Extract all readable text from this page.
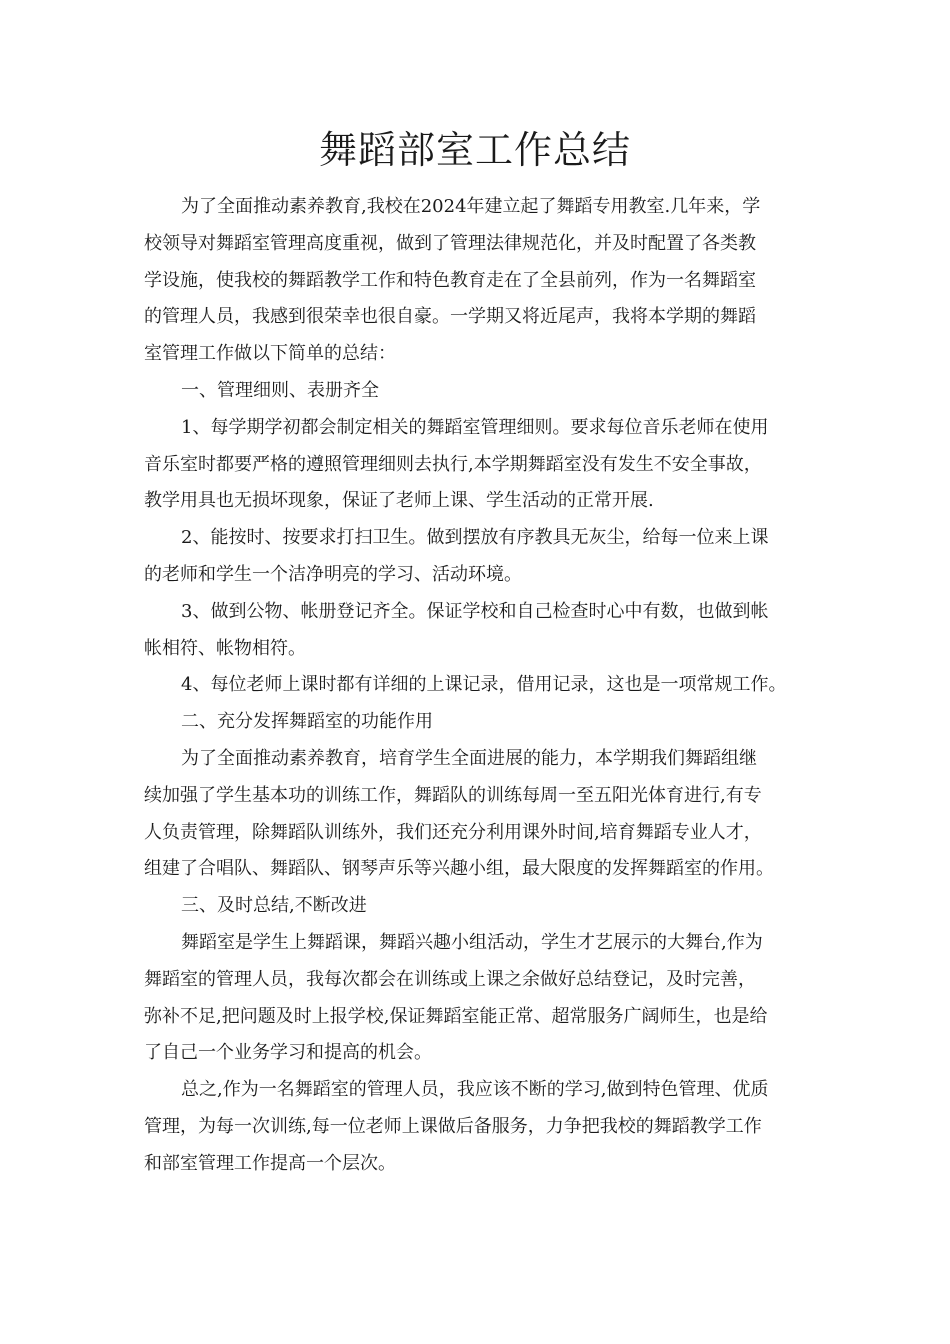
舞蹈部室工作总结

为了全面推动素养教育,我校在2024年建立起了舞蹈专用教室.几年来，学
校领导对舞蹈室管理高度重视，做到了管理法律规范化，并及时配置了各类教
学设施，使我校的舞蹈教学工作和特色教育走在了全县前列，作为一名舞蹈室
的管理人员，我感到很荣幸也很自豪。一学期又将近尾声，我将本学期的舞蹈
室管理工作做以下简单的总结：

一、管理细则、表册齐全

1、每学期学初都会制定相关的舞蹈室管理细则。要求每位音乐老师在使用
音乐室时都要严格的遵照管理细则去执行,本学期舞蹈室没有发生不安全事故，
教学用具也无损坏现象，保证了老师上课、学生活动的正常开展.

2、能按时、按要求打扫卫生。做到摆放有序教具无灰尘，给每一位来上课
的老师和学生一个洁净明亮的学习、活动环境。

3、做到公物、帐册登记齐全。保证学校和自己检查时心中有数，也做到帐
帐相符、帐物相符。

4、每位老师上课时都有详细的上课记录，借用记录，这也是一项常规工作。

二、充分发挥舞蹈室的功能作用

为了全面推动素养教育，培育学生全面进展的能力，本学期我们舞蹈组继
续加强了学生基本功的训练工作，舞蹈队的训练每周一至五阳光体育进行,有专
人负责管理，除舞蹈队训练外，我们还充分利用课外时间,培育舞蹈专业人才，
组建了合唱队、舞蹈队、钢琴声乐等兴趣小组，最大限度的发挥舞蹈室的作用。

三、及时总结,不断改进

舞蹈室是学生上舞蹈课，舞蹈兴趣小组活动，学生才艺展示的大舞台,作为
舞蹈室的管理人员，我每次都会在训练或上课之余做好总结登记，及时完善，
弥补不足,把问题及时上报学校,保证舞蹈室能正常、超常服务广阔师生，也是给
了自己一个业务学习和提高的机会。

总之,作为一名舞蹈室的管理人员，我应该不断的学习,做到特色管理、优质
管理，为每一次训练,每一位老师上课做后备服务，力争把我校的舞蹈教学工作
和部室管理工作提高一个层次。
